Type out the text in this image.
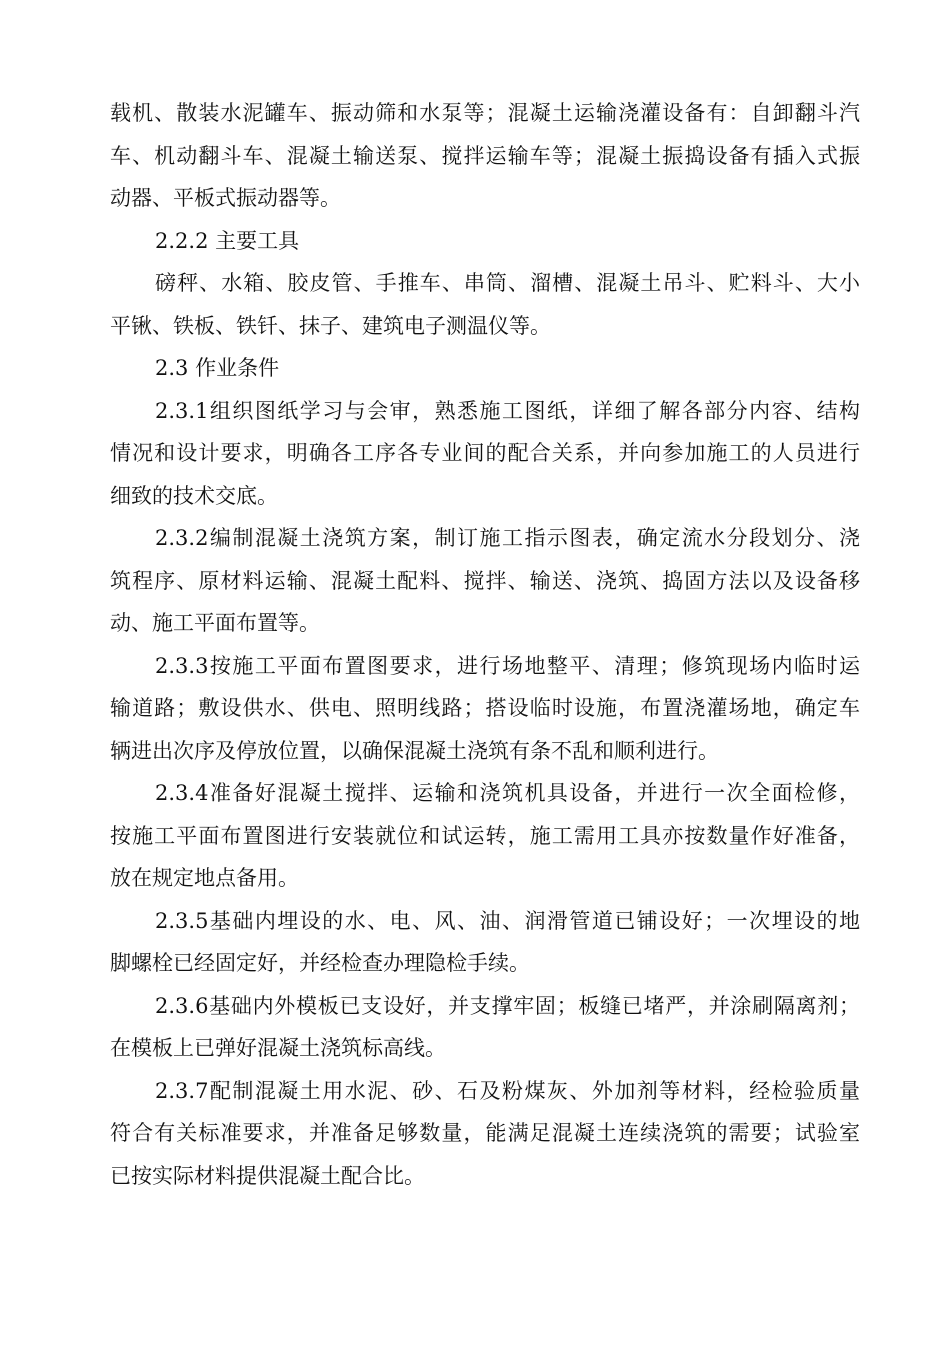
载机、散装水泥罐车、振动筛和水泵等；混凝土运输浇灌设备有：自卸翻斗汽
车、机动翻斗车、混凝土输送泵、搅拌运输车等；混凝土振捣设备有插入式振
动器、平板式振动器等。
2.2.2 主要工具
磅秤、水箱、胶皮管、手推车、串筒、溜槽、混凝土吊斗、贮料斗、大小
平锹、铁板、铁钎、抹子、建筑电子测温仪等。
2.3 作业条件
2.3.1组织图纸学习与会审，熟悉施工图纸，详细了解各部分内容、结构
情况和设计要求，明确各工序各专业间的配合关系，并向参加施工的人员进行
细致的技术交底。
2.3.2编制混凝土浇筑方案，制订施工指示图表，确定流水分段划分、浇
筑程序、原材料运输、混凝土配料、搅拌、输送、浇筑、捣固方法以及设备移
动、施工平面布置等。
2.3.3按施工平面布置图要求，进行场地整平、清理；修筑现场内临时运
输道路；敷设供水、供电、照明线路；搭设临时设施，布置浇灌场地，确定车
辆进出次序及停放位置，以确保混凝土浇筑有条不乱和顺利进行。
2.3.4准备好混凝土搅拌、运输和浇筑机具设备，并进行一次全面检修，
按施工平面布置图进行安装就位和试运转，施工需用工具亦按数量作好准备，
放在规定地点备用。
2.3.5基础内埋设的水、电、风、油、润滑管道已铺设好；一次埋设的地
脚螺栓已经固定好，并经检查办理隐检手续。
2.3.6基础内外模板已支设好，并支撑牢固；板缝已堵严，并涂刷隔离剂；
在模板上已弹好混凝土浇筑标高线。
2.3.7配制混凝土用水泥、砂、石及粉煤灰、外加剂等材料，经检验质量
符合有关标准要求，并准备足够数量，能满足混凝土连续浇筑的需要；试验室
已按实际材料提供混凝土配合比。
